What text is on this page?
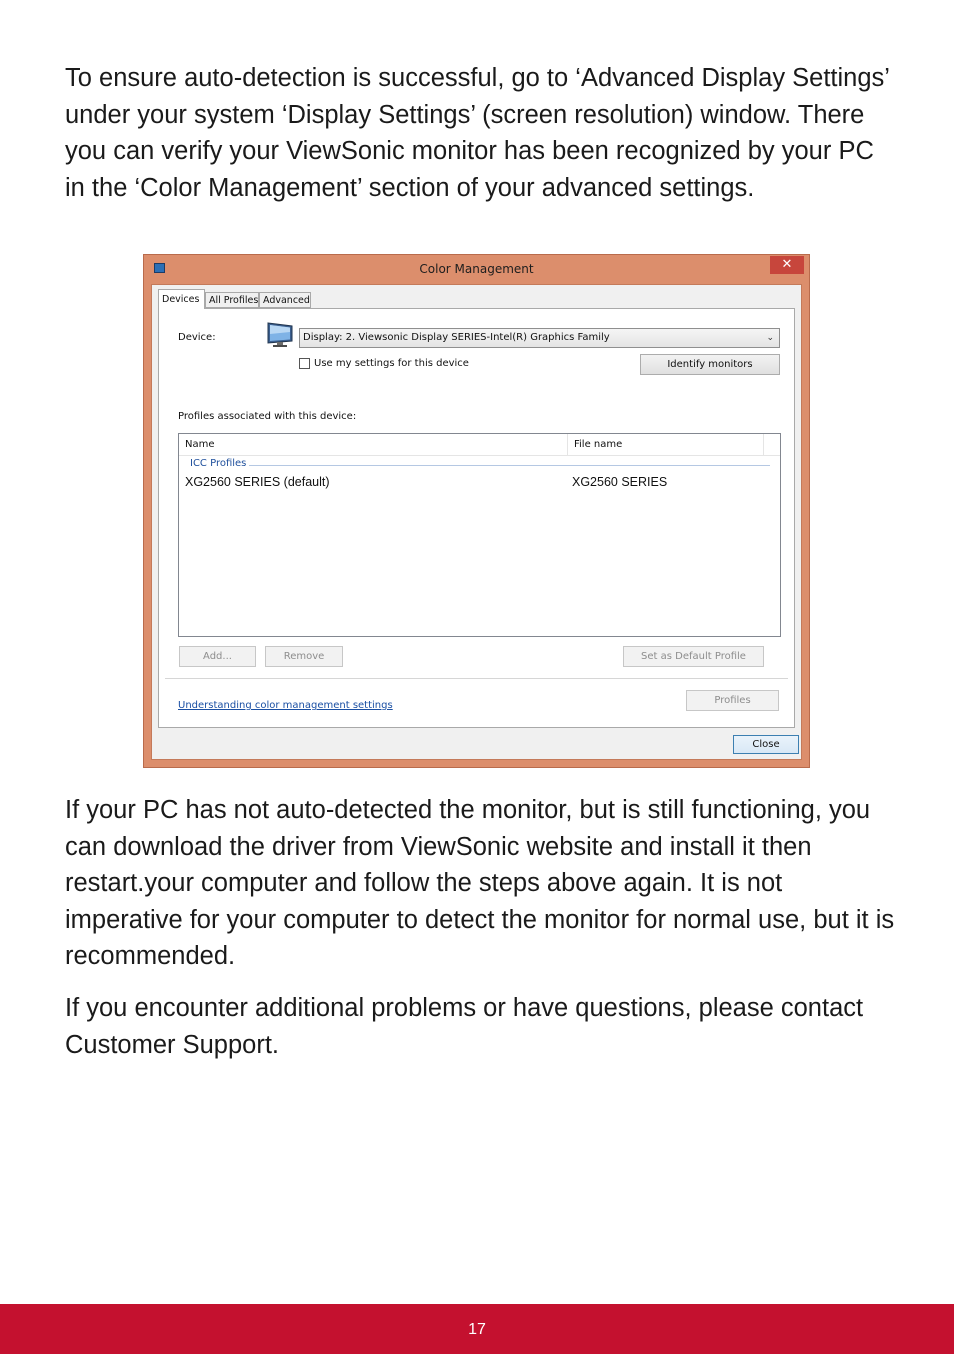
To ensure auto-detection is successful, go to ‘Advanced Display Settings’ under your system ‘Display Settings’ (screen resolution) window. There you can verify your ViewSonic monitor has been recognized by your PC in the ‘Color Management’ section of your advanced settings.

Color Management	✕
Devices	All Profiles Advanced
Device:	Display: 2. Viewsonic Display SERIES-Intel(R) Graphics Family	⌄
Use my settings for this device	Identify monitors
Profiles associated with this device:
Name	File name
ICC Profiles
XG2560 SERIES (default)	XG2560 SERIES
Add...	Remove	Set as Default Profile
Understanding color management settings	Profiles
Close

If your PC has not auto-detected the monitor, but is still functioning, you can download the driver from ViewSonic website and install it then restart.your computer and follow the steps above again. It is not imperative for your computer to detect the monitor for normal use, but it is recommended.

If you encounter additional problems or have questions, please contact Customer Support.

17
